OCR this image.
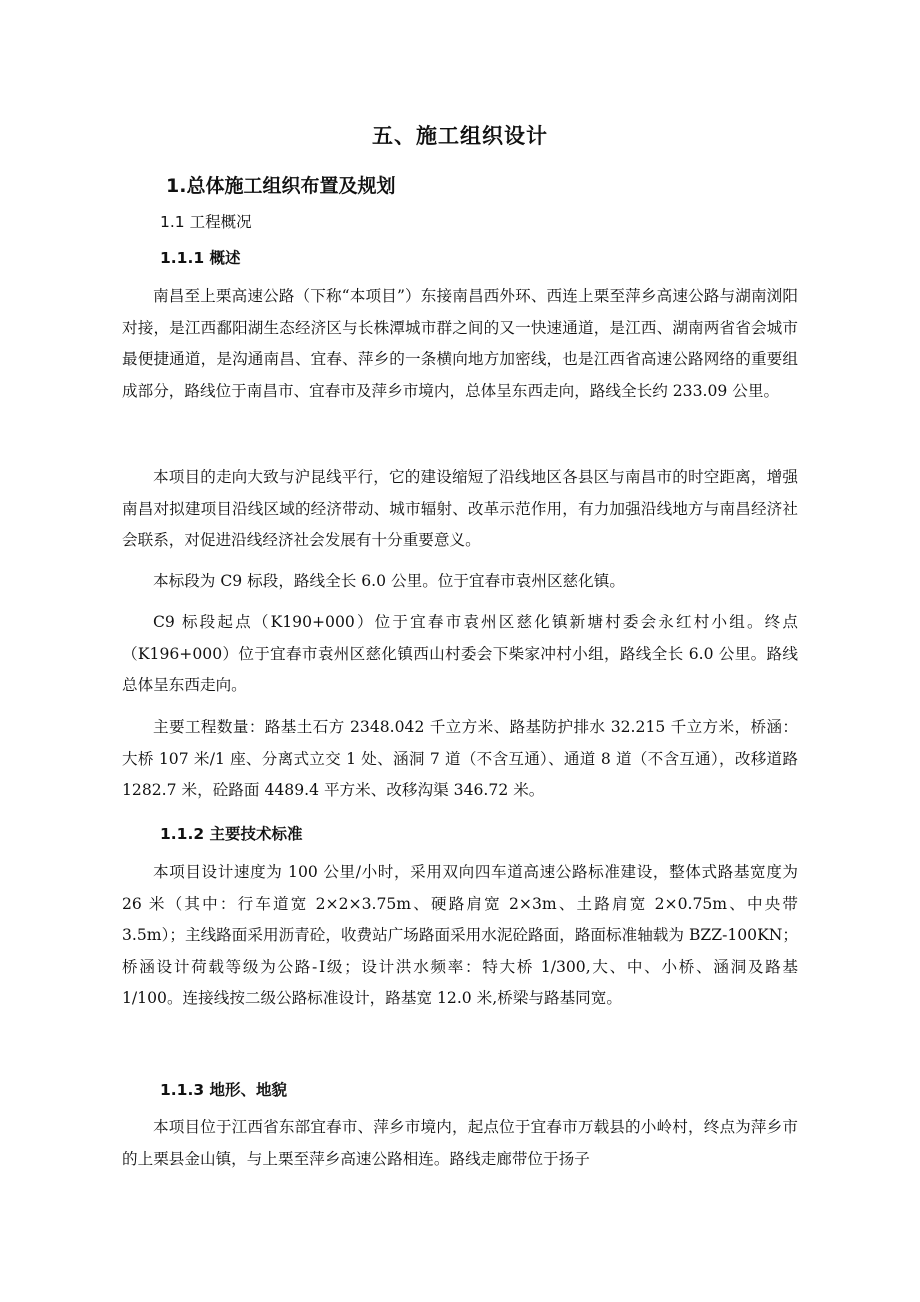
五、施工组织设计
1.总体施工组织布置及规划
1.1 工程概况
1.1.1 概述

南昌至上栗高速公路（下称“本项目”）东接南昌西外环、西连上栗至萍乡高速公路与湖南浏阳对接，是江西鄱阳湖生态经济区与长株潭城市群之间的又一快速通道，是江西、湖南两省省会城市最便捷通道，是沟通南昌、宜春、萍乡的一条横向地方加密线，也是江西省高速公路网络的重要组成部分，路线位于南昌市、宜春市及萍乡市境内，总体呈东西走向，路线全长约 233.09 公里。

本项目的走向大致与沪昆线平行，它的建设缩短了沿线地区各县区与南昌市的时空距离，增强南昌对拟建项目沿线区域的经济带动、城市辐射、改革示范作用，有力加强沿线地方与南昌经济社会联系，对促进沿线经济社会发展有十分重要意义。

本标段为 C9 标段，路线全长 6.0 公里。位于宜春市袁州区慈化镇。

C9 标段起点（K190+000）位于宜春市袁州区慈化镇新塘村委会永红村小组。终点（K196+000）位于宜春市袁州区慈化镇西山村委会下柴家冲村小组，路线全长 6.0 公里。路线总体呈东西走向。

主要工程数量：路基土石方 2348.042 千立方米、路基防护排水 32.215 千立方米，桥涵：大桥 107 米/1 座、分离式立交 1 处、涵洞 7 道（不含互通）、通道 8 道（不含互通），改移道路 1282.7 米，砼路面 4489.4 平方米、改移沟渠 346.72 米。

1.1.2 主要技术标准

本项目设计速度为 100 公里/小时，采用双向四车道高速公路标准建设，整体式路基宽度为 26 米（其中：行车道宽 2×2×3.75m、硬路肩宽 2×3m、土路肩宽 2×0.75m、中央带 3.5m）；主线路面采用沥青砼，收费站广场路面采用水泥砼路面，路面标准轴载为 BZZ-100KN；桥涵设计荷载等级为公路-Ⅰ级；设计洪水频率：特大桥 1/300,大、中、小桥、涵洞及路基 1/100。连接线按二级公路标准设计，路基宽 12.0 米,桥梁与路基同宽。

1.1.3 地形、地貌

本项目位于江西省东部宜春市、萍乡市境内，起点位于宜春市万载县的小岭村，终点为萍乡市的上栗县金山镇，与上栗至萍乡高速公路相连。路线走廊带位于扬子
